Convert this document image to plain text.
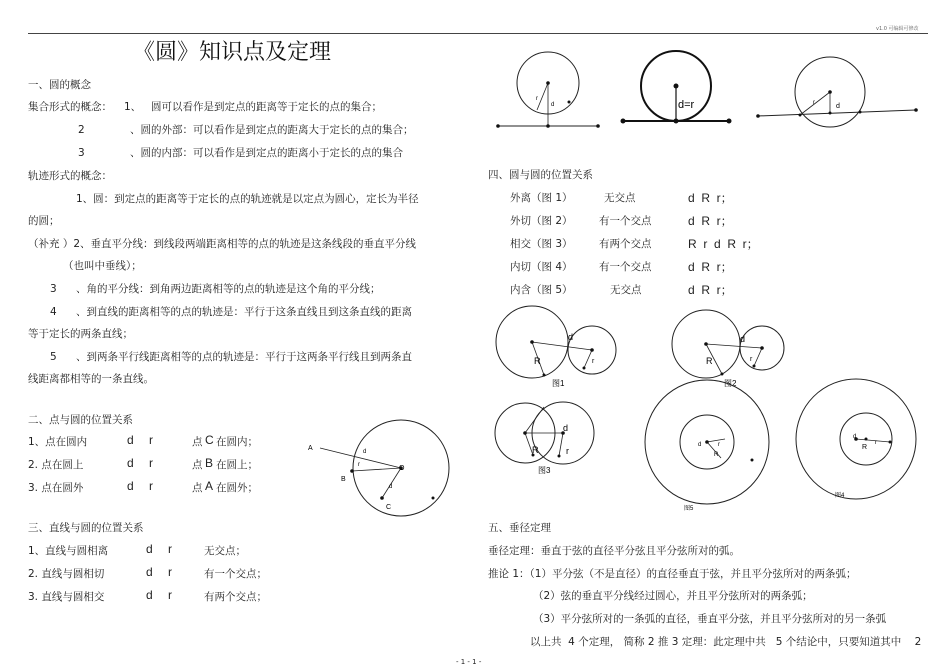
v1.0 可编辑可修改
《圆》知识点及定理
一、圆的概念
集合形式的概念： 1、 圆可以看作是到定点的距离等于定长的点的集合；
2	、圆的外部：可以看作是到定点的距离大于定长的点的集合；
3	、圆的内部：可以看作是到定点的距离小于定长的点的集合
轨迹形式的概念：
1、圆：到定点的距离等于定长的点的轨迹就是以定点为圆心，定长为半径
的圆；
（补充 ）2、垂直平分线：到线段两端距离相等的点的轨迹是这条线段的垂直平分线
（也叫中垂线）；
3 、角的平分线：到角两边距离相等的点的轨迹是这个角的平分线；
4 、到直线的距离相等的点的轨迹是：平行于这条直线且到这条直线的距离
等于定长的两条直线；
5 、到两条平行线距离相等的点的轨迹是：平行于这两条平行线且到两条直
线距离都相等的一条直线。
二、点与圆的位置关系
1、点在圆内	d r	点 C 在圆内；
2. 点在圆上	d r	点 B 在圆上；
3. 点在圆外	d r	点 A 在圆外；
A
B
C
O
d
r
d
三、直线与圆的位置关系
1、直线与圆相离	d r	无交点；
2. 直线与圆相切	d r	有一个交点；
3. 直线与圆相交	d r	有两个交点；
r
d	d=r	r	d
四、圆与圆的位置关系
外离（图 1）	无交点	d  R  r；
外切（图 2）	有一个交点	d  R  r；
相交（图 3）	有两个交点	R  r  d  R  r；
内切（图 4）	有一个交点	d  R  r；
内含（图 5）	无交点	d  R  r；
d
R	r
图1
d
R	r
图2
d
R	r
图3
d	r
R
图5
d
r
R
图4
五、垂径定理
垂径定理：垂直于弦的直径平分弦且平分弦所对的弧。
推论 1：（1）平分弦（不是直径）的直径垂直于弦，并且平分弦所对的两条弧；
（2）弦的垂直平分线经过圆心，并且平分弦所对的两条弧；
（3）平分弦所对的一条弧的直径，垂直平分弦，并且平分弦所对的另一条弧
以上共  4 个定理， 简称 2 推 3 定理：此定理中共   5 个结论中，只要知道其中    2
- 1 - 1 -
